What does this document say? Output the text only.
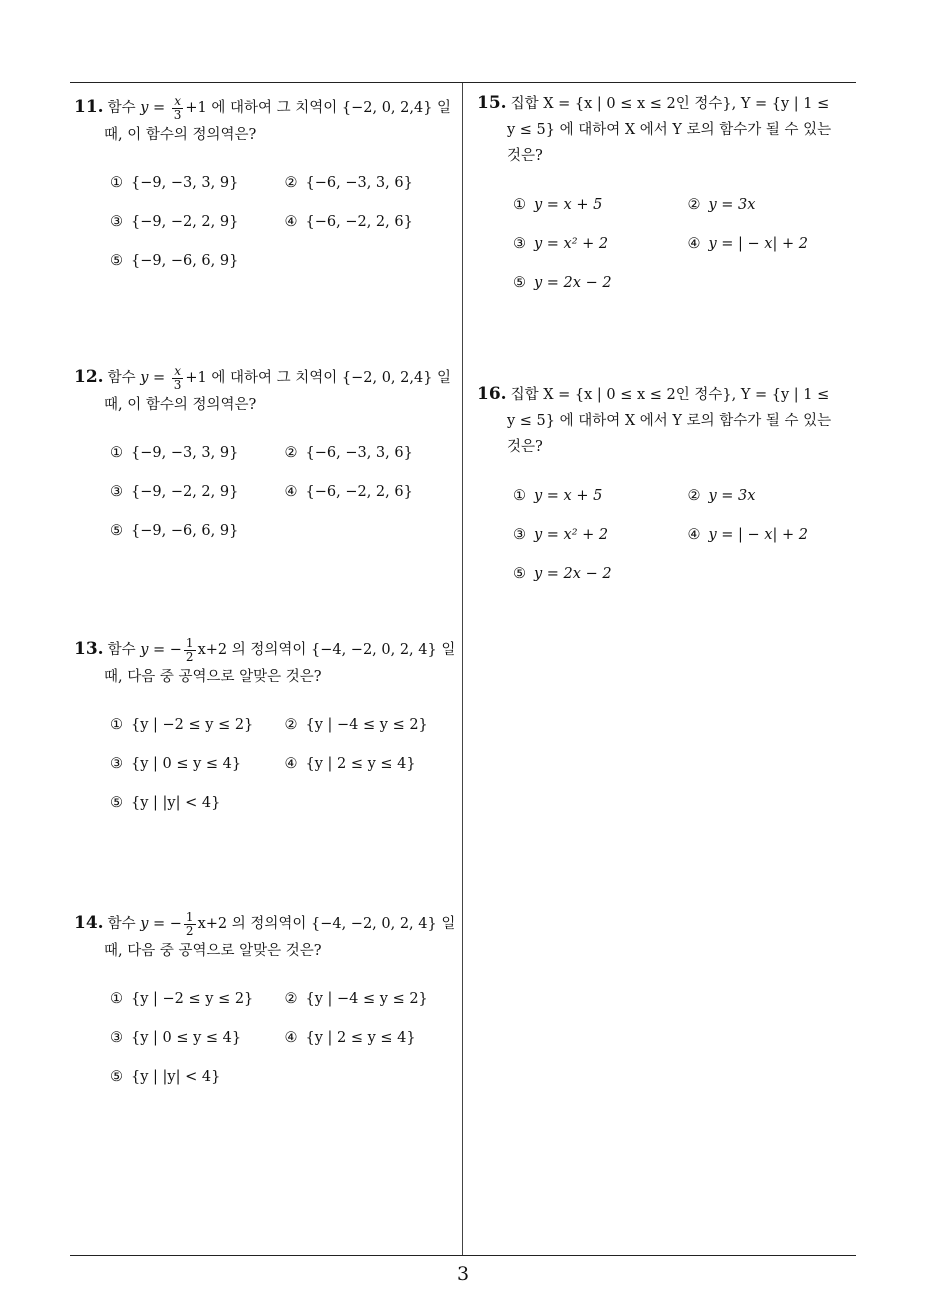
11. 함수 $y = \frac{x}{3} +1$ 에 대하여 그 치역이 {−2, 0, 2,4} 일
때, 이 함수의 정의역은?
① {−9, −3, 3, 9}	② {−6, −3, 3, 6}
③ {−9, −2, 2, 9}	④ {−6, −2, 2, 6}
⑤ {−9, −6, 6, 9}
12. 함수 $y = \frac{x}{3} +1$ 에 대하여 그 치역이 {−2, 0, 2,4} 일
때, 이 함수의 정의역은?
① {−9, −3, 3, 9}	② {−6, −3, 3, 6}
③ {−9, −2, 2, 9}	④ {−6, −2, 2, 6}
⑤ {−9, −6, 6, 9}
13. 함수 y = − $\frac{1}{2} x+2$ 의 정의역이 {−4, −2, 0, 2, 4} 일
때, 다음 중 공역으로 알맞은 것은?
① {y | −2 ≤ y ≤ 2}	② {y | −4 ≤ y ≤ 2}
③ {y | 0 ≤ y ≤ 4}	④ {y | 2 ≤ y ≤ 4}
⑤ {y | |y| < 4}
14. 함수 y = − $\frac{1}{2} x+2$ 의 정의역이 {−4, −2, 0, 2, 4} 일
때, 다음 중 공역으로 알맞은 것은?
① {y | −2 ≤ y ≤ 2}	② {y | −4 ≤ y ≤ 2}
③ {y | 0 ≤ y ≤ 4}	④ {y | 2 ≤ y ≤ 4}
⑤ {y | |y| < 4}
15. 집합 X = {x | 0 ≤ x ≤ 2인 정수}, Y = {y | 1 ≤
y ≤ 5} 에 대하여 X 에서 Y 로의 함수가 될 수 있는
것은?
① y = x + 5	② y = 3x
③ y = x² + 2	④ y = | − x| + 2
⑤ y = 2x − 2
16. 집합 X = {x | 0 ≤ x ≤ 2인 정수}, Y = {y | 1 ≤
y ≤ 5} 에 대하여 X 에서 Y 로의 함수가 될 수 있는
것은?
① y = x + 5	② y = 3x
③ y = x² + 2	④ y = | − x| + 2
⑤ y = 2x − 2
3
